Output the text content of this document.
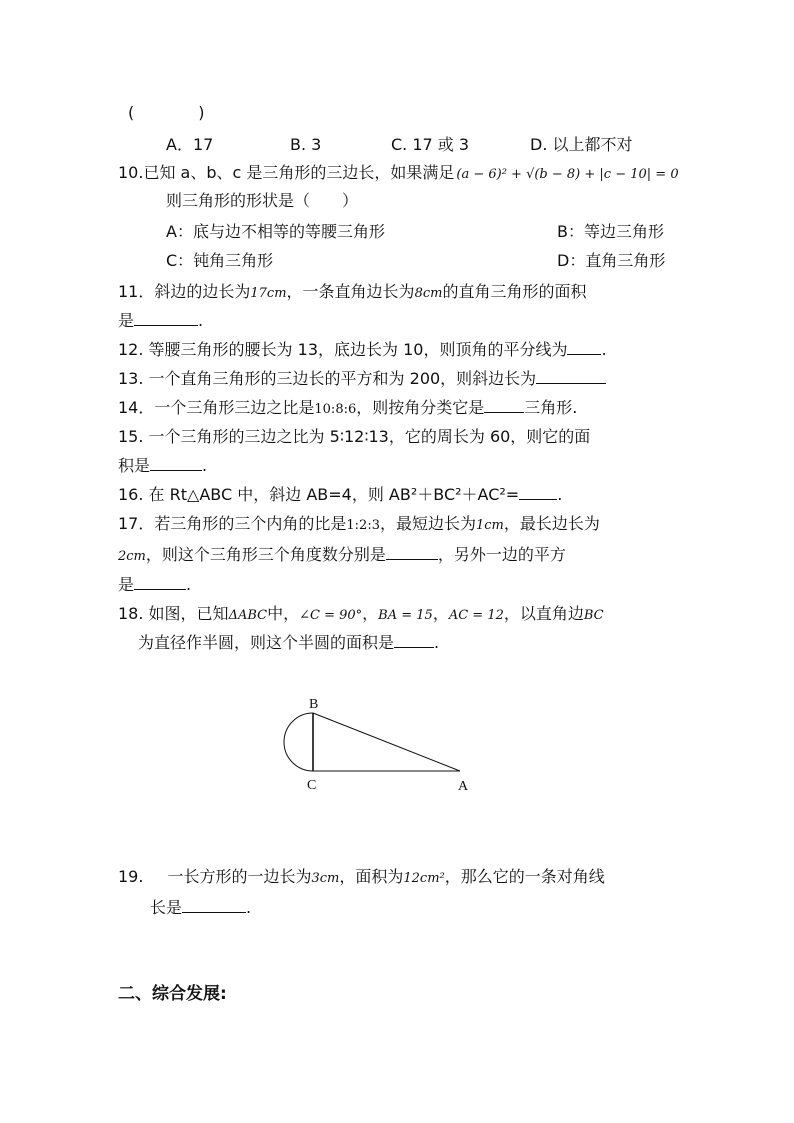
(　　　　)
A．17	B. 3	C. 17 或 3	D. 以上都不对
10.已知 a、b、c 是三角形的三边长，如果满足 (a − 6)² + √(b − 8) + |c − 10| = 0
则三角形的形状是（　　）
A：底与边不相等的等腰三角形	B：等边三角形
C：钝角三角形	D：直角三角形
11．斜边的边长为17cm，一条直角边长为8cm的直角三角形的面积
是	.
12. 等腰三角形的腰长为 13，底边长为 10，则顶角的平分线为 .
13. 一个直角三角形的三边长的平方和为 200，则斜边长为
14．一个三角形三边之比是10:8:6，则按角分类它是	三角形.
15. 一个三角形的三边之比为 5∶12∶13，它的周长为 60，则它的面
积是	.
16. 在 Rt△ABC 中，斜边 AB=4，则 AB²＋BC²＋AC²= .
17．若三角形的三个内角的比是1:2:3，最短边长为1cm，最长边长为
2cm，则这个三角形三个角度数分别是	，另外一边的平方
是	.
18. 如图，已知ΔABC中，∠C = 90°，BA = 15，AC = 12，以直角边BC
为直径作半圆，则这个半圆的面积是	.
B
C	A
19. 一长方形的一边长为3cm，面积为12cm²，那么它的一条对角线
长是	.
二、综合发展:
